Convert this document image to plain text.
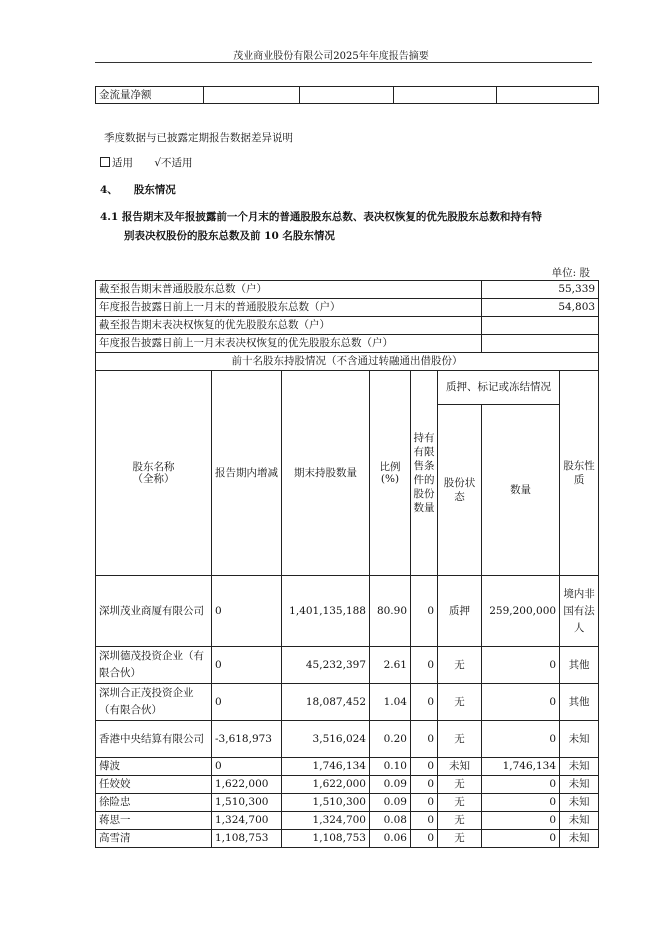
茂业商业股份有限公司2025年年度报告摘要
金流量净额				
季度数据与已披露定期报告数据差异说明
适用 √不适用
4、 股东情况
4.1 报告期末及年报披露前一个月末的普通股股东总数、表决权恢复的优先股股东总数和持有特
别表决权股份的股东总数及前 10 名股东情况
单位: 股
截至报告期末普通股股东总数（户）						55,339	
年度报告披露日前上一月末的普通股股东总数（户）						54,803	
截至报告期末表决权恢复的优先股股东总数（户）							
年度报告披露日前上一月末表决权恢复的优先股股东总数（户）							
前十名股东持股情况（不含通过转融通出借股份）							

股东名称
（全称）	报告期内增减	期末持股数量	比例(%)	持有有限售条件的股份数量	质押、标记或冻结情况		股东性质
					股份状态	数量	
深圳茂业商厦有限公司	0	1,401,135,188	80.90	0	质押	259,200,000	境内非国有法人
深圳德茂投资企业（有限合伙）	0	45,232,397	2.61	0	无	0	其他
深圳合正茂投资企业（有限合伙）	0	18,087,452	1.04	0	无	0	其他
香港中央结算有限公司	-3,618,973	3,516,024	0.20	0	无	0	未知
傅波	0	1,746,134	0.10	0	未知	1,746,134	未知
任姣姣	1,622,000	1,622,000	0.09	0	无	0	未知
徐险忠	1,510,300	1,510,300	0.09	0	无	0	未知
蒋思一	1,324,700	1,324,700	0.08	0	无	0	未知
高雪清	1,108,753	1,108,753	0.06	0	无	0	未知
